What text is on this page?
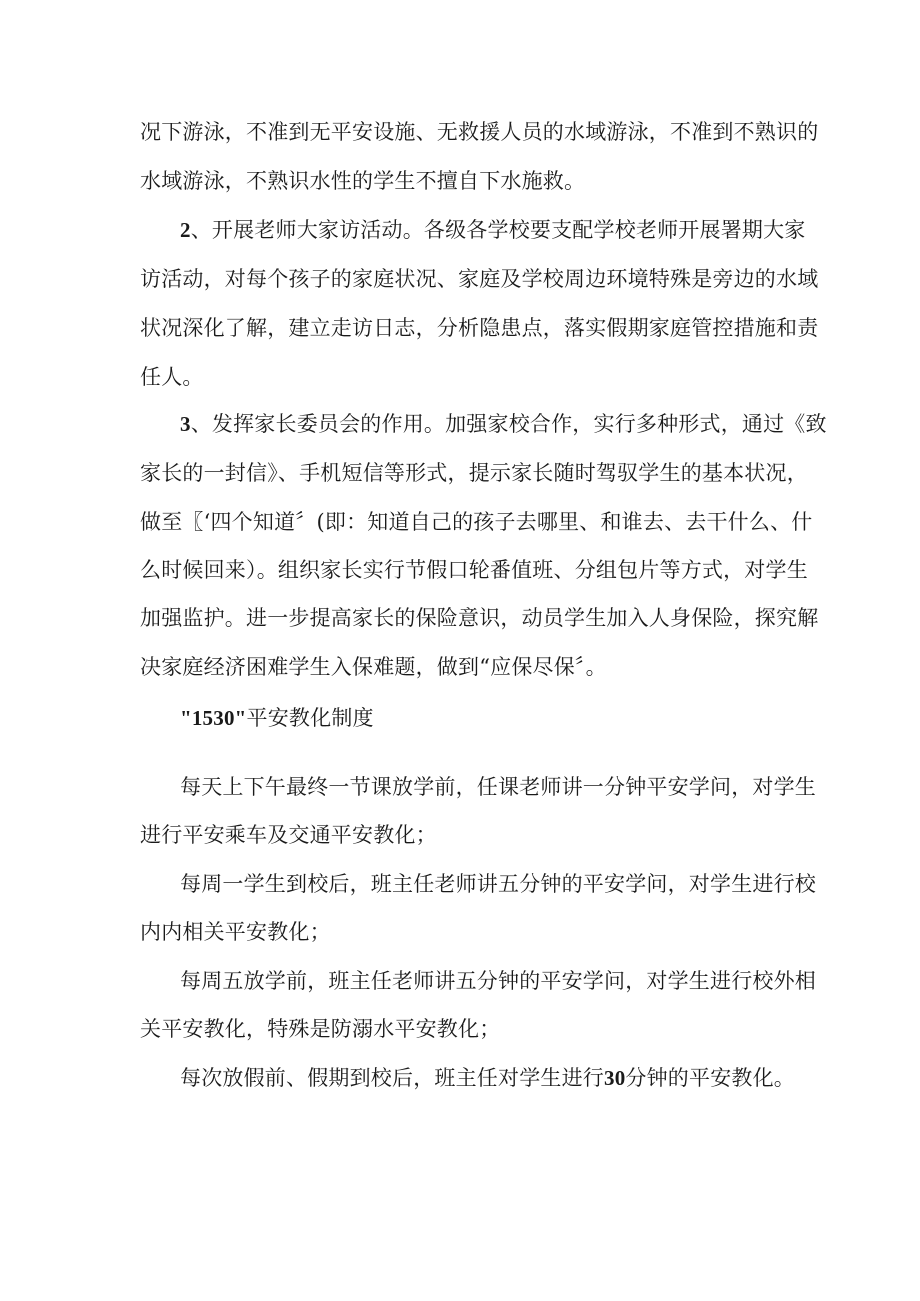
况下游泳，不准到无平安设施、无救援人员的水域游泳，不准到不熟识的
水域游泳，不熟识水性的学生不擅自下水施救。
2、开展老师大家访活动。各级各学校要支配学校老师开展署期大家
访活动，对每个孩子的家庭状况、家庭及学校周边环境特殊是旁边的水域
状况深化了解，建立走访日志，分析隐患点，落实假期家庭管控措施和责
任人。
3、发挥家长委员会的作用。加强家校合作，实行多种形式，通过《致
家长的一封信》、手机短信等形式，提示家长随时驾驭学生的基本状况，
做至〖‘四个知道〞(即：知道自己的孩子去哪里、和谁去、去干什么、什
么时候回来）。组织家长实行节假口轮番值班、分组包片等方式，对学生
加强监护。进一步提高家长的保险意识，动员学生加入人身保险，探究解
决家庭经济困难学生入保难题，做到“应保尽保〞。
"1530"平安教化制度
每天上下午最终一节课放学前，任课老师讲一分钟平安学问，对学生
进行平安乘车及交通平安教化；
每周一学生到校后，班主任老师讲五分钟的平安学问，对学生进行校
内内相关平安教化；
每周五放学前，班主任老师讲五分钟的平安学问，对学生进行校外相
关平安教化，特殊是防溺水平安教化；
每次放假前、假期到校后，班主任对学生进行30分钟的平安教化。
